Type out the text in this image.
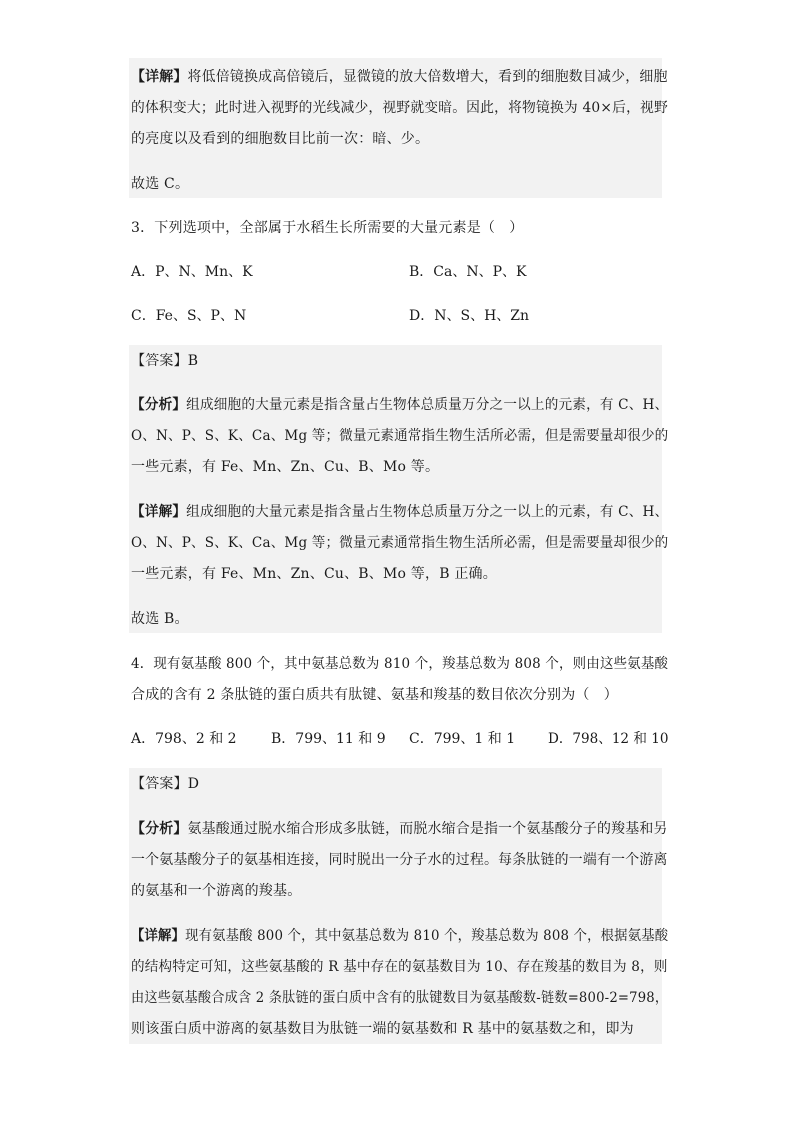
【详解】将低倍镜换成高倍镜后，显微镜的放大倍数增大，看到的细胞数目减少，细胞
的体积变大；此时进入视野的光线减少，视野就变暗。因此，将物镜换为 40×后，视野
的亮度以及看到的细胞数目比前一次：暗、少。
故选 C。
3．下列选项中，全部属于水稻生长所需要的大量元素是（　）
A．P、N、Mn、K	B．Ca、N、P、K
C．Fe、S、P、N	D．N、S、H、Zn
【答案】B
【分析】组成细胞的大量元素是指含量占生物体总质量万分之一以上的元素，有 C、H、
O、N、P、S、K、Ca、Mg 等；微量元素通常指生物生活所必需，但是需要量却很少的
一些元素，有 Fe、Mn、Zn、Cu、B、Mo 等。
【详解】组成细胞的大量元素是指含量占生物体总质量万分之一以上的元素，有 C、H、
O、N、P、S、K、Ca、Mg 等；微量元素通常指生物生活所必需，但是需要量却很少的
一些元素，有 Fe、Mn、Zn、Cu、B、Mo 等，B 正确。
故选 B。
4．现有氨基酸 800 个，其中氨基总数为 810 个，羧基总数为 808 个，则由这些氨基酸
合成的含有 2 条肽链的蛋白质共有肽键、氨基和羧基的数目依次分别为（　）
A．798、2 和 2 B．799、11 和 9 C．799、1 和 1 D．798、12 和 10
【答案】D
【分析】氨基酸通过脱水缩合形成多肽链，而脱水缩合是指一个氨基酸分子的羧基和另
一个氨基酸分子的氨基相连接，同时脱出一分子水的过程。每条肽链的一端有一个游离
的氨基和一个游离的羧基。
【详解】现有氨基酸 800 个，其中氨基总数为 810 个，羧基总数为 808 个，根据氨基酸
的结构特定可知，这些氨基酸的 R 基中存在的氨基数目为 10、存在羧基的数目为 8，则
由这些氨基酸合成含 2 条肽链的蛋白质中含有的肽键数目为氨基酸数-链数=800-2=798，
则该蛋白质中游离的氨基数目为肽链一端的氨基数和 R 基中的氨基数之和，即为
